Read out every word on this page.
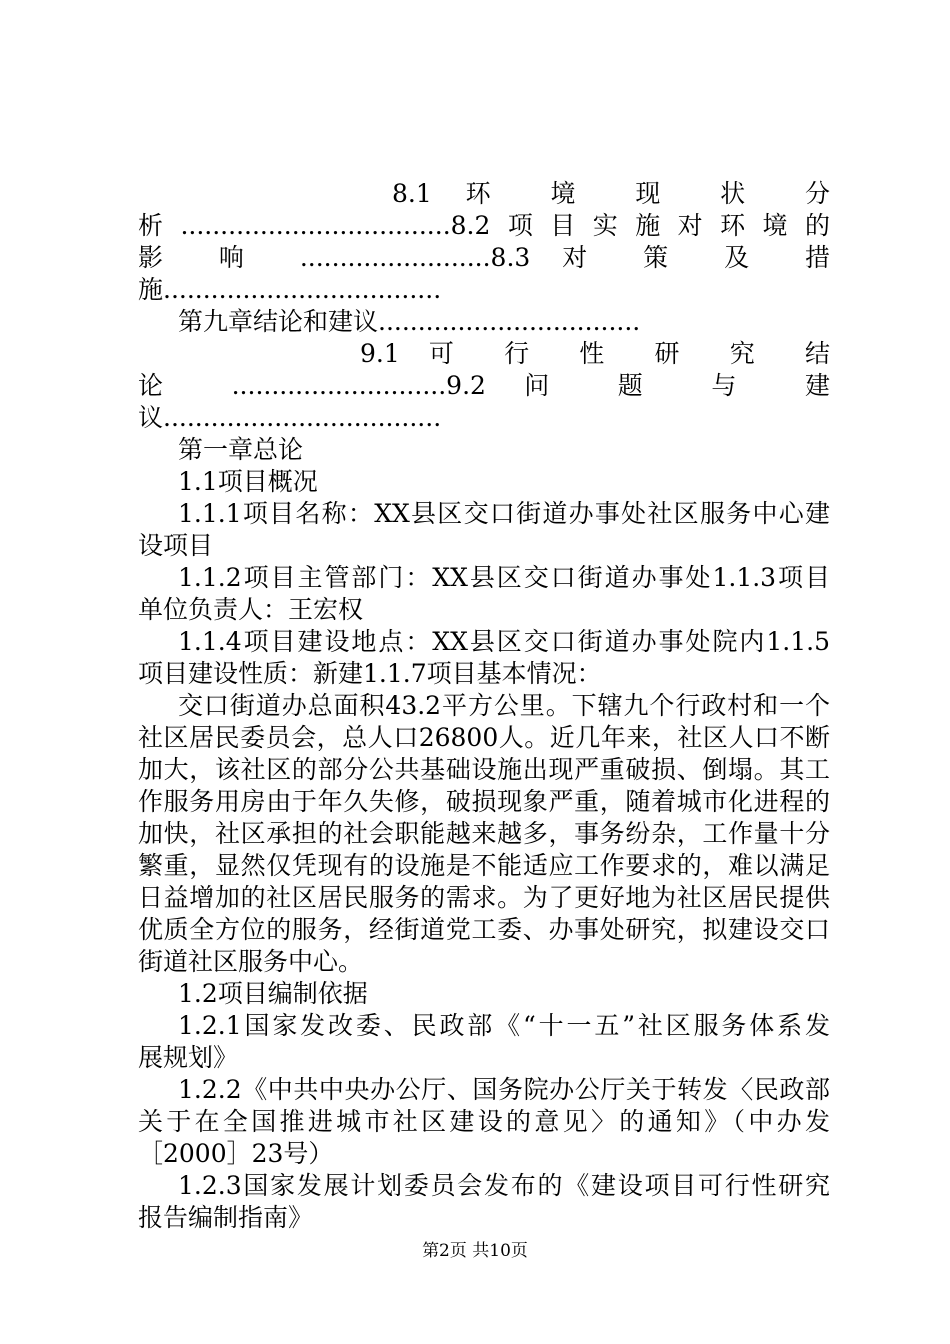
8.1 环 境 现 状 分
析..................................8.2项目实施对环境的
影 响 ........................8.3 对 策 及 措
施...................................
第九章结论和建议.................................
9.1 可 行 性 研 究 结
论 ...........................9.2 问 题 与 建
议...................................
第一章总论
1.1项目概况
1.1.1项目名称：XX县区交口街道办事处社区服务中心建
设项目
1.1.2项目主管部门：XX县区交口街道办事处1.1.3项目
单位负责人：王宏权
1.1.4项目建设地点：XX县区交口街道办事处院内1.1.5
项目建设性质：新建1.1.7项目基本情况：
交口街道办总面积43.2平方公里。下辖九个行政村和一个
社区居民委员会，总人口26800人。近几年来，社区人口不断
加大，该社区的部分公共基础设施出现严重破损、倒塌。其工
作服务用房由于年久失修，破损现象严重，随着城市化进程的
加快，社区承担的社会职能越来越多，事务纷杂，工作量十分
繁重，显然仅凭现有的设施是不能适应工作要求的，难以满足
日益增加的社区居民服务的需求。为了更好地为社区居民提供
优质全方位的服务，经街道党工委、办事处研究，拟建设交口
街道社区服务中心。
1.2项目编制依据
1.2.1国家发改委、民政部《“十一五”社区服务体系发
展规划》
1.2.2《中共中央办公厅、国务院办公厅关于转发〈民政部
关于在全国推进城市社区建设的意见〉的通知》（中办发
［2000］23号）
1.2.3国家发展计划委员会发布的《建设项目可行性研究
报告编制指南》
第2页 共10页
